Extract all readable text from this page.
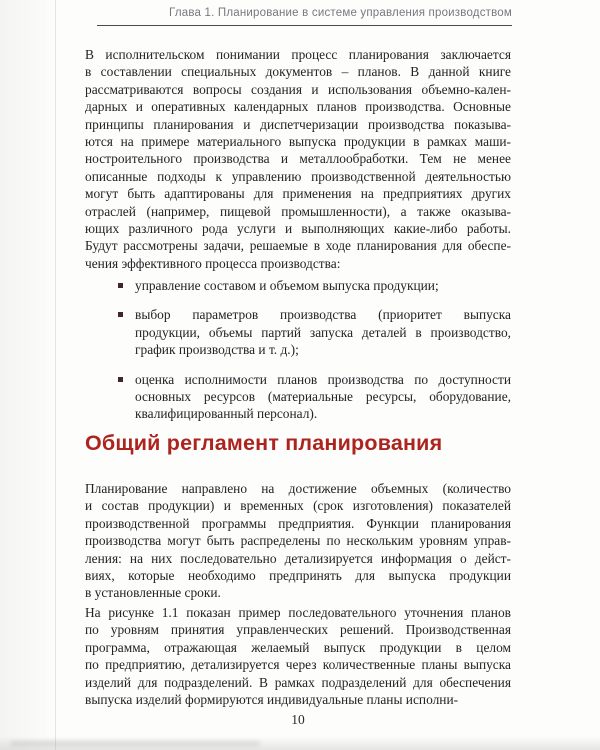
Глава 1. Планирование в системе управления производством
В исполнительском понимании процесс планирования заключается
в составлении специальных документов – планов. В данной книге
рассматриваются вопросы создания и использования объемно-кален-
дарных и оперативных календарных планов производства. Основные
принципы планирования и диспетчеризации производства показыва-
ются на примере материального выпуска продукции в рамках маши-
ностроительного производства и металлообработки. Тем не менее
описанные подходы к управлению производственной деятельностью
могут быть адаптированы для применения на предприятиях других
отраслей (например, пищевой промышленности), а также оказыва-
ющих различного рода услуги и выполняющих какие-либо работы.
Будут рассмотрены задачи, решаемые в ходе планирования для обеспе-
чения эффективного процесса производства:
управление составом и объемом выпуска продукции;
выбор параметров производства (приоритет выпуска
продукции, объемы партий запуска деталей в производство,
график производства и т. д.);
оценка исполнимости планов производства по доступности
основных ресурсов (материальные ресурсы, оборудование,
квалифицированный персонал).
Общий регламент планирования
Планирование направлено на достижение объемных (количество
и состав продукции) и временных (срок изготовления) показателей
производственной программы предприятия. Функции планирования
производства могут быть распределены по нескольким уровням управ-
ления: на них последовательно детализируется информация о дейст-
виях, которые необходимо предпринять для выпуска продукции
в установленные сроки.
На рисунке 1.1 показан пример последовательного уточнения планов
по уровням принятия управленческих решений. Производственная
программа, отражающая желаемый выпуск продукции в целом
по предприятию, детализируется через количественные планы выпуска
изделий для подразделений. В рамках подразделений для обеспечения
выпуска изделий формируются индивидуальные планы исполни-
10
